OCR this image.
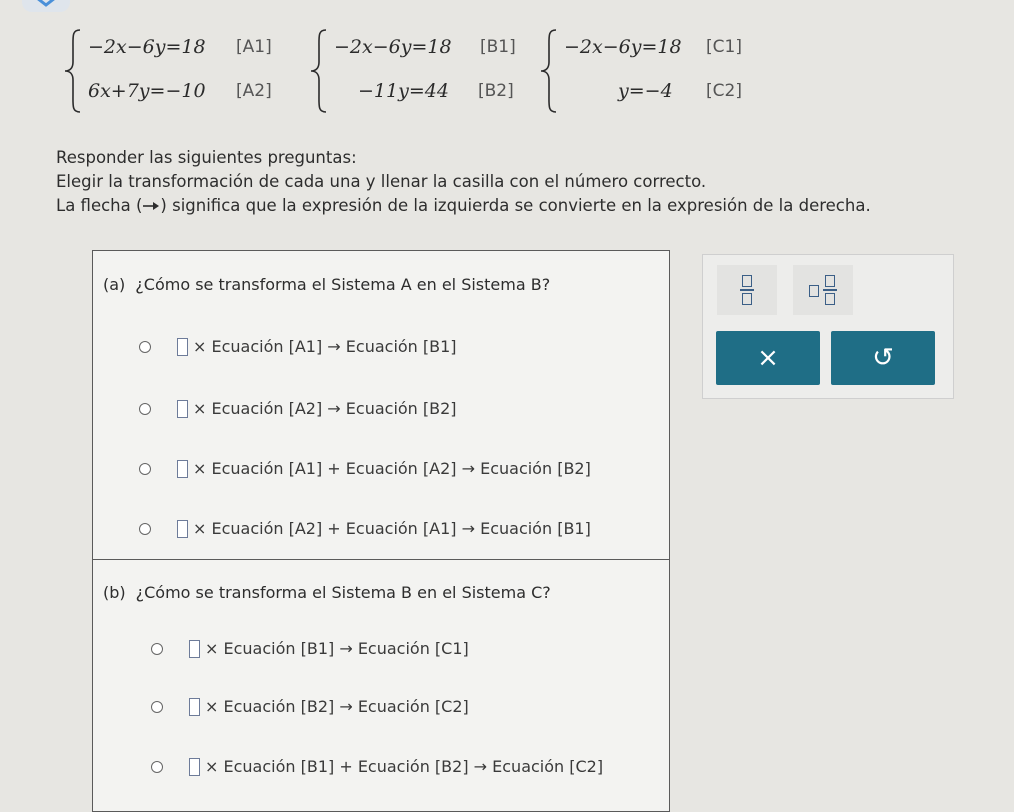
−2x−6y=18 [A1]
6x+7y=−10 [A2]
−2x−6y=18 [B1]
−11y=44 [B2]
−2x−6y=18 [C1]
y=−4 [C2]
Responder las siguientes preguntas:
Elegir la transformación de cada una y llenar la casilla con el número correcto.
La flecha ( ) significa que la expresión de la izquierda se convierte en la expresión de la derecha.
(a) ¿Cómo se transforma el Sistema A en el Sistema B?
× Ecuación [A1] → Ecuación [B1]
× Ecuación [A2] → Ecuación [B2]
× Ecuación [A1] + Ecuación [A2] → Ecuación [B2]
× Ecuación [A2] + Ecuación [A1] → Ecuación [B1]
(b) ¿Cómo se transforma el Sistema B en el Sistema C?
× Ecuación [B1] → Ecuación [C1]
× Ecuación [B2] → Ecuación [C2]
× Ecuación [B1] + Ecuación [B2] → Ecuación [C2]
×	↺
